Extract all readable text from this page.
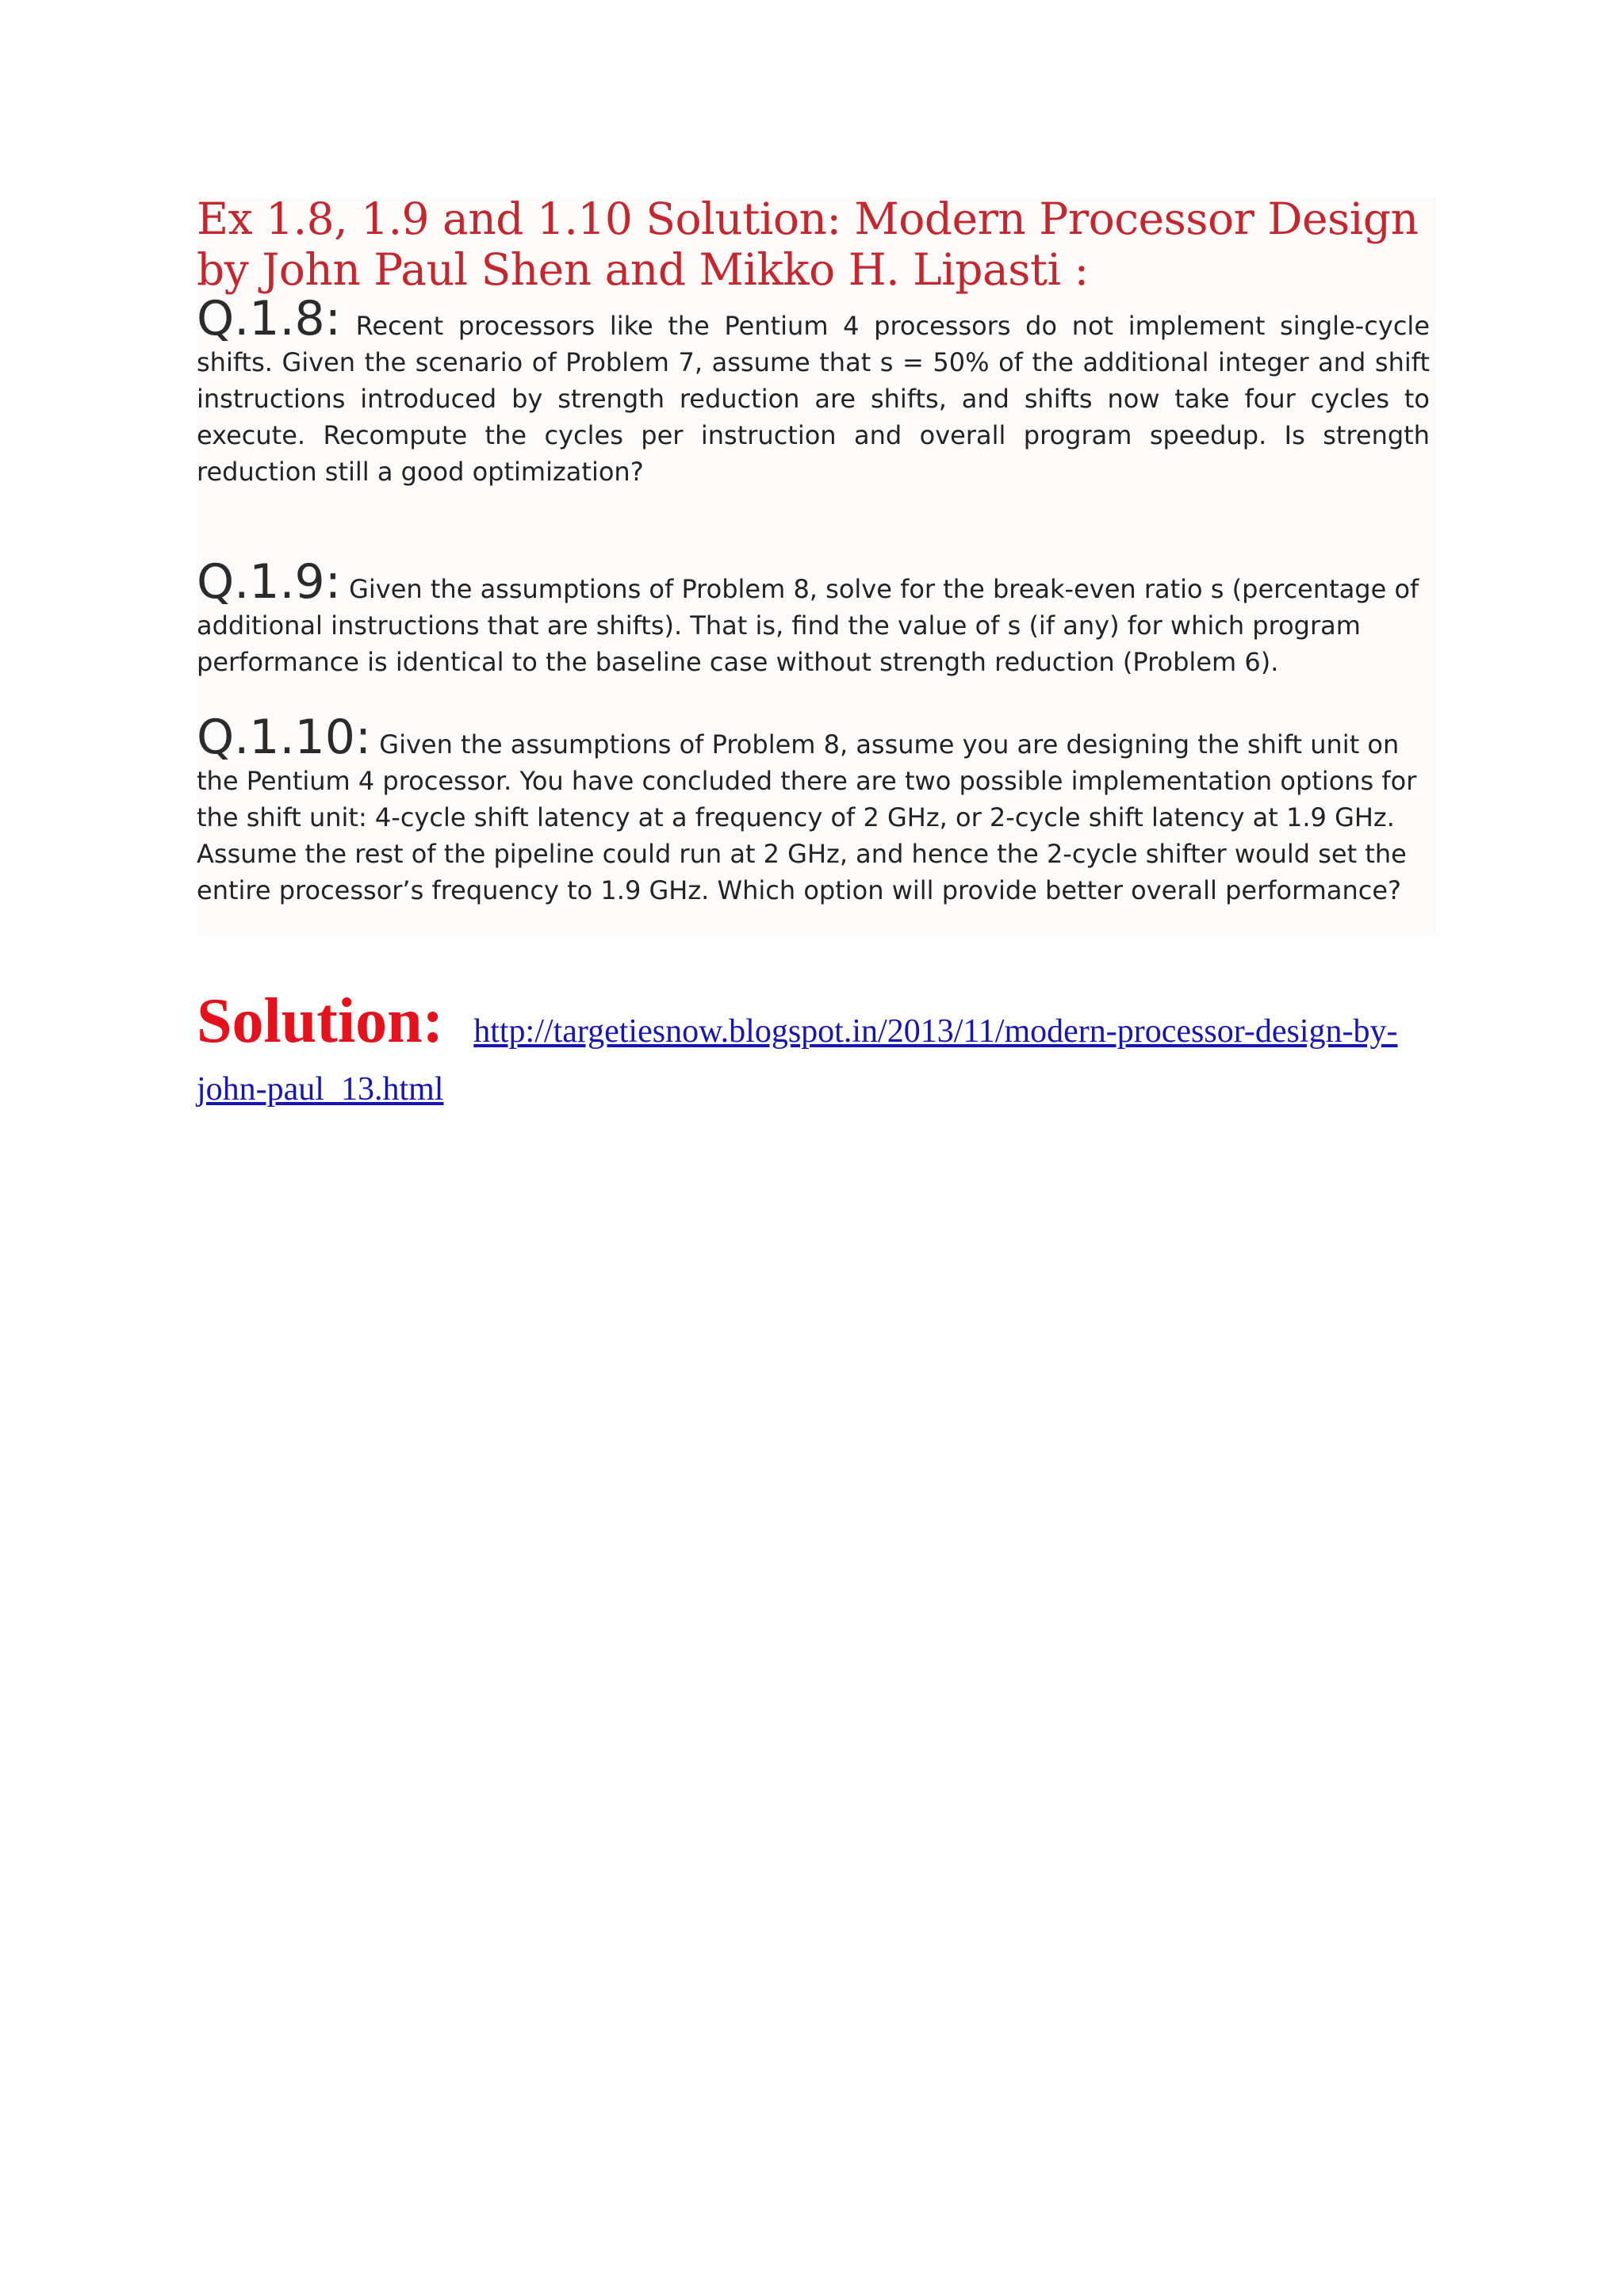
Ex 1.8, 1.9 and 1.10 Solution: Modern Processor Design by John Paul Shen and Mikko H. Lipasti :

Q.1.8: Recent processors like the Pentium 4 processors do not implement single-cycle shifts. Given the scenario of Problem 7, assume that s = 50% of the additional integer and shift instructions introduced by strength reduction are shifts, and shifts now take four cycles to execute. Recompute the cycles per instruction and overall program speedup. Is strength reduction still a good optimization?

Q.1.9: Given the assumptions of Problem 8, solve for the break-even ratio s (percentage of additional instructions that are shifts). That is, find the value of s (if any) for which program performance is identical to the baseline case without strength reduction (Problem 6).

Q.1.10: Given the assumptions of Problem 8, assume you are designing the shift unit on the Pentium 4 processor. You have concluded there are two possible implementation options for the shift unit: 4-cycle shift latency at a frequency of 2 GHz, or 2-cycle shift latency at 1.9 GHz. Assume the rest of the pipeline could run at 2 GHz, and hence the 2-cycle shifter would set the entire processor’s frequency to 1.9 GHz. Which option will provide better overall performance?

Solution: http://targetiesnow.blogspot.in/2013/11/modern-processor-design-by-john-paul_13.html
